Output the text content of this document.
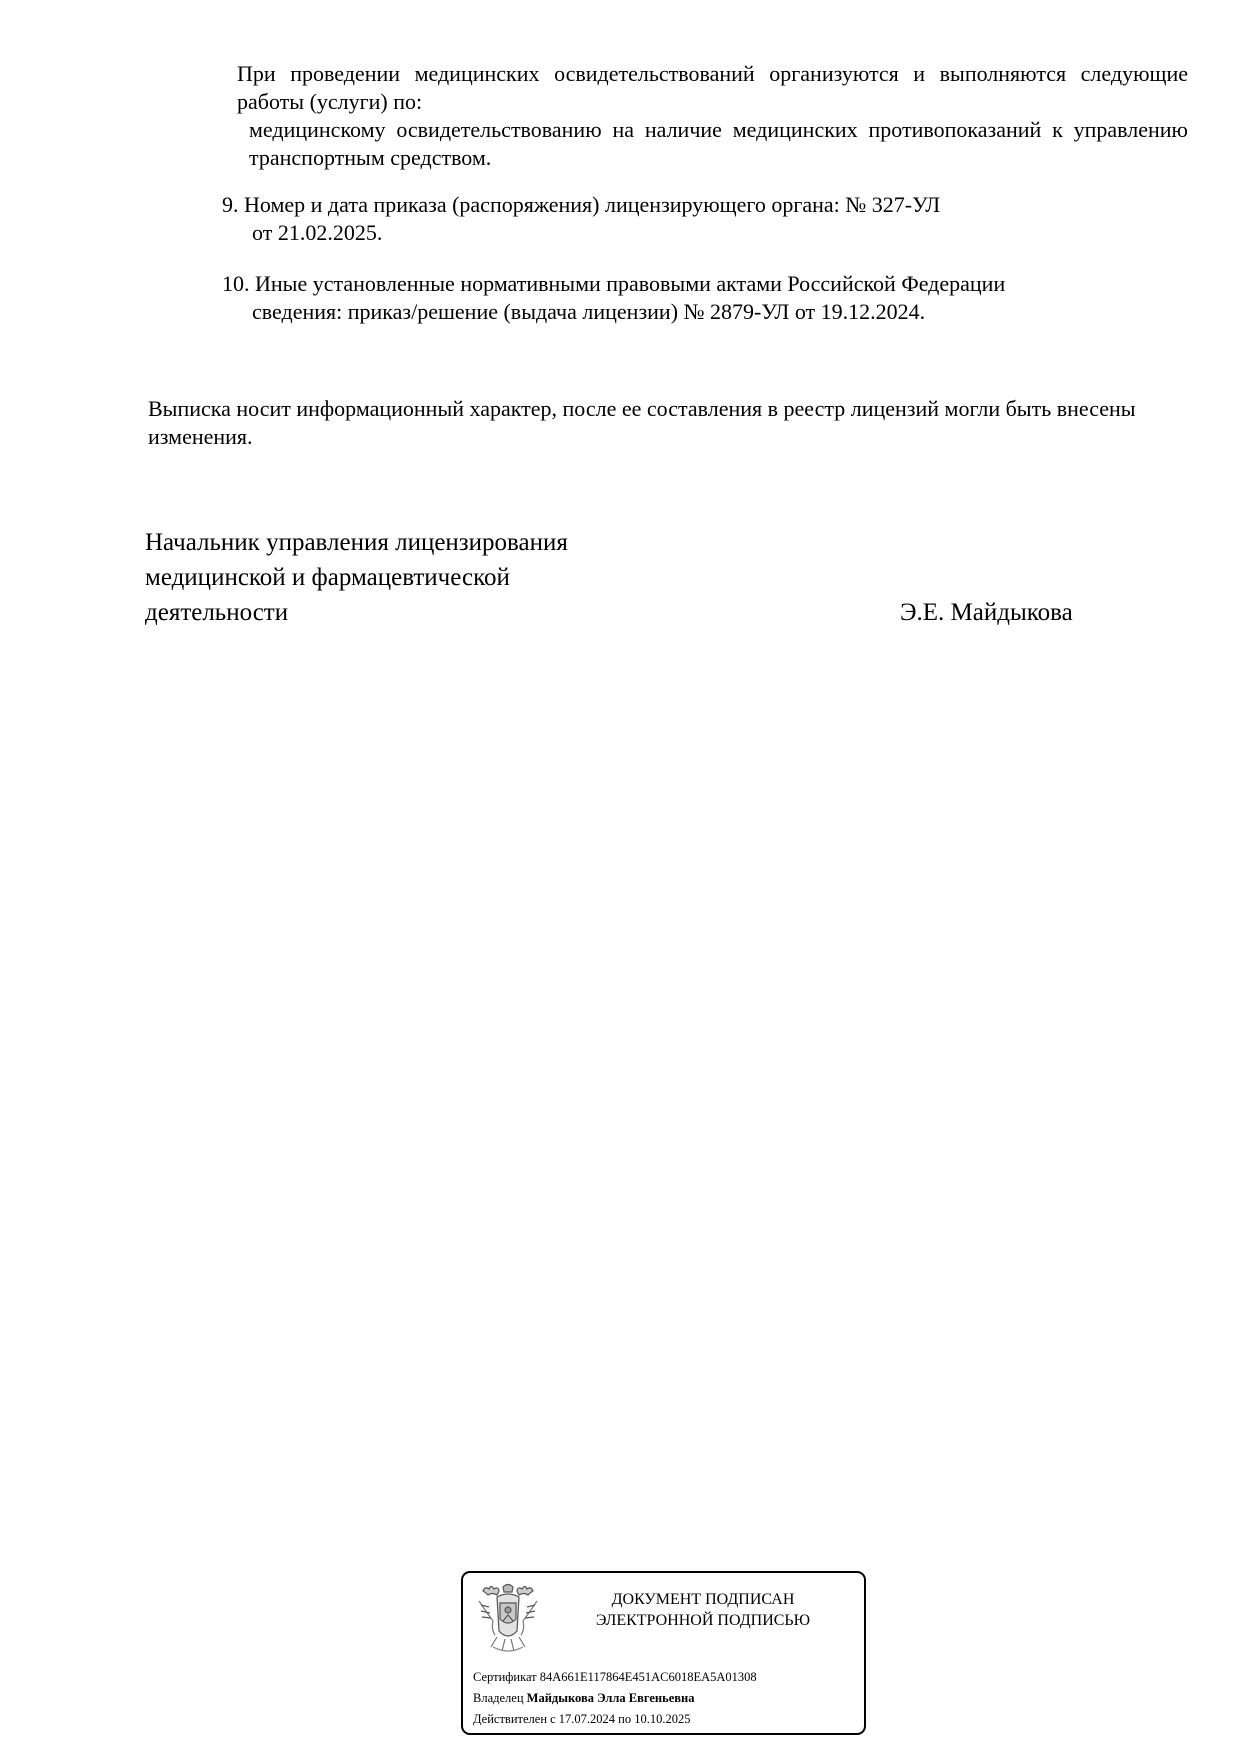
При проведении медицинских освидетельствований организуются и выполняются следующие работы (услуги) по:
медицинскому освидетельствованию на наличие медицинских противопоказаний к управлению транспортным средством.

9. Номер и дата приказа (распоряжения) лицензирующего органа: № 327-УЛ
от 21.02.2025.

10. Иные установленные нормативными правовыми актами Российской Федерации
сведения: приказ/решение (выдача лицензии) № 2879-УЛ от 19.12.2024.

Выписка носит информационный характер, после ее составления в реестр лицензий могли быть внесены изменения.

Начальник управления лицензирования
медицинской и фармацевтической
деятельности	Э.Е. Майдыкова
ДОКУМЕНТ ПОДПИСАН
ЭЛЕКТРОННОЙ ПОДПИСЬЮ
Сертификат 84A661E117864E451AC6018EA5A01308
Владелец Майдыкова Элла Евгеньевна
Действителен с 17.07.2024 по 10.10.2025
